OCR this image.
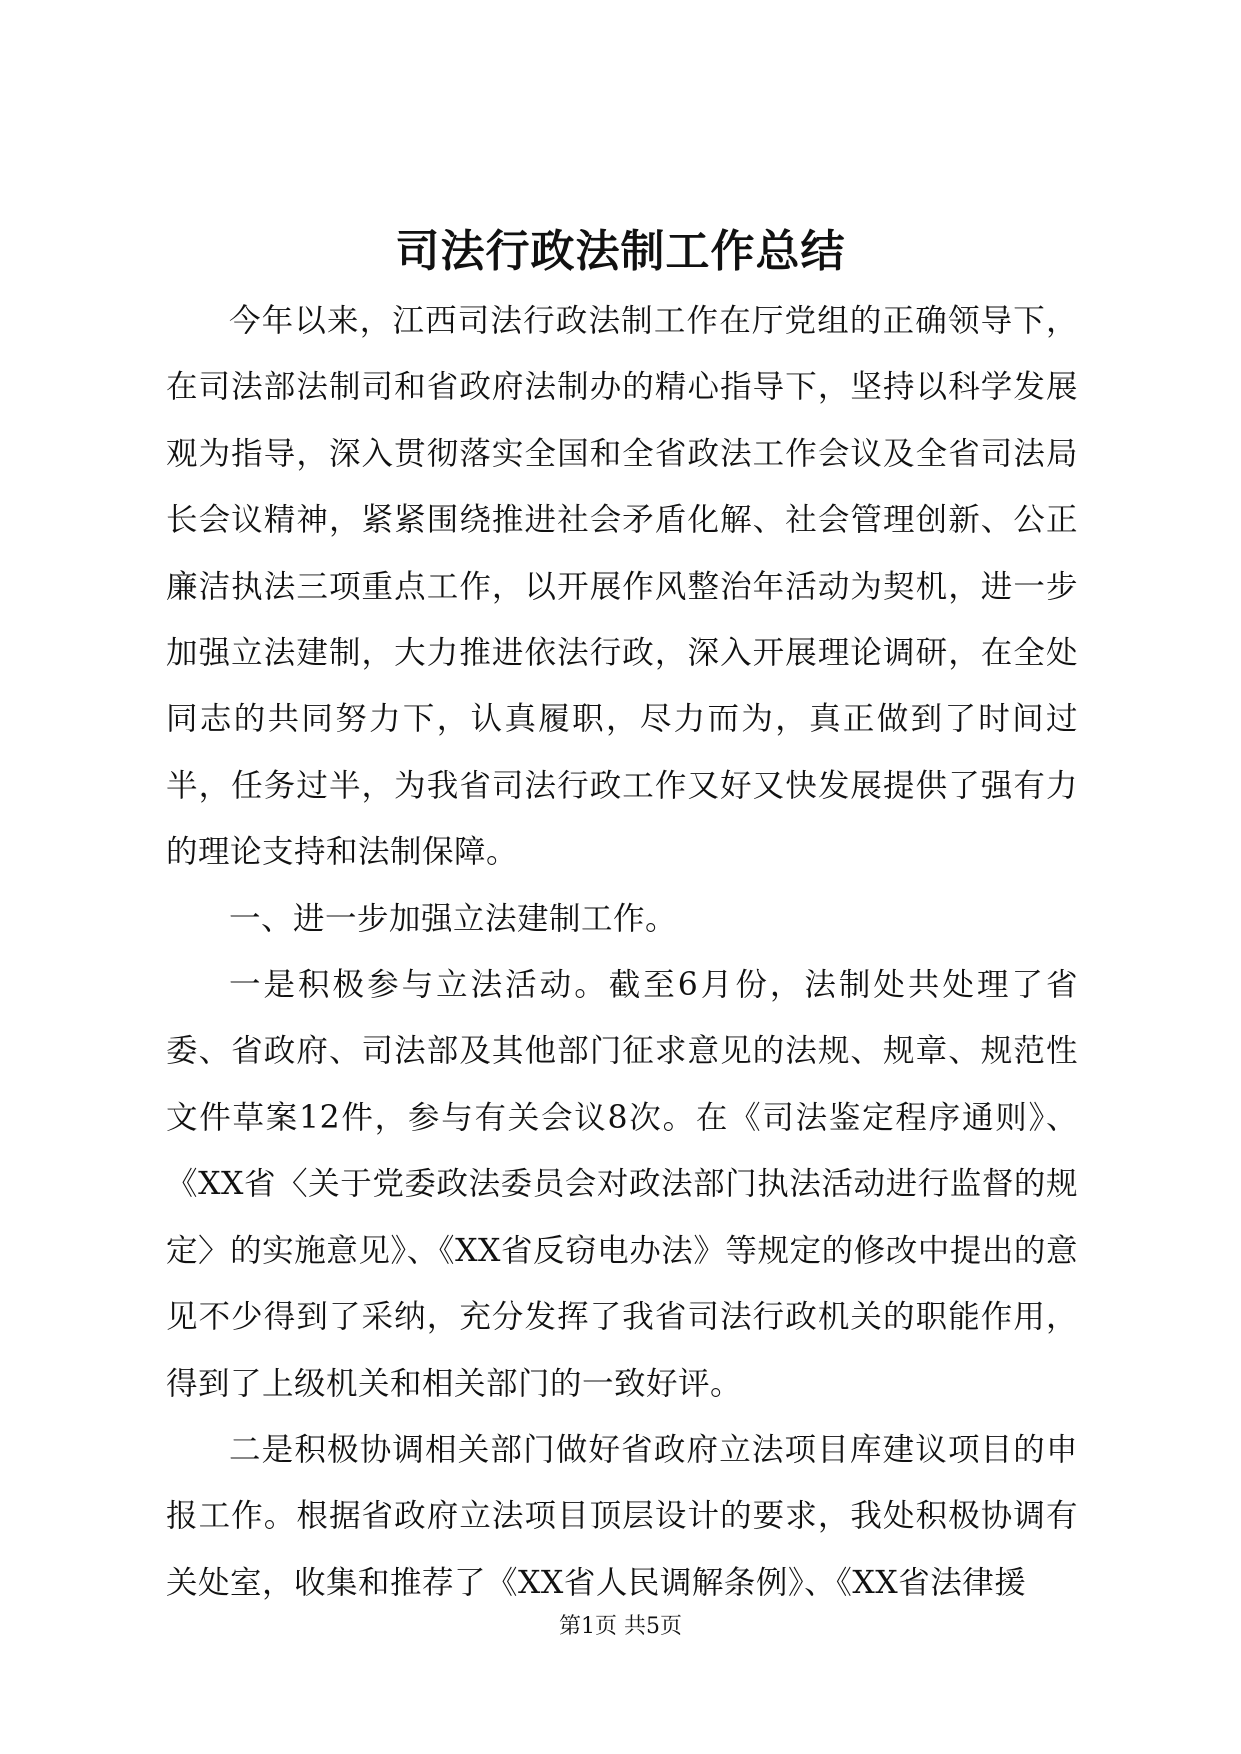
司法行政法制工作总结

今年以来，江西司法行政法制工作在厅党组的正确领导下，在司法部法制司和省政府法制办的精心指导下，坚持以科学发展观为指导，深入贯彻落实全国和全省政法工作会议及全省司法局长会议精神，紧紧围绕推进社会矛盾化解、社会管理创新、公正廉洁执法三项重点工作，以开展作风整治年活动为契机，进一步加强立法建制，大力推进依法行政，深入开展理论调研，在全处同志的共同努力下，认真履职，尽力而为，真正做到了时间过半，任务过半，为我省司法行政工作又好又快发展提供了强有力的理论支持和法制保障。

一、进一步加强立法建制工作。

一是积极参与立法活动。截至6月份，法制处共处理了省委、省政府、司法部及其他部门征求意见的法规、规章、规范性文件草案12件，参与有关会议8次。在《司法鉴定程序通则》、《XX省〈关于党委政法委员会对政法部门执法活动进行监督的规定〉的实施意见》、《XX省反窃电办法》等规定的修改中提出的意见不少得到了采纳，充分发挥了我省司法行政机关的职能作用，得到了上级机关和相关部门的一致好评。

二是积极协调相关部门做好省政府立法项目库建议项目的申报工作。根据省政府立法项目顶层设计的要求，我处积极协调有关处室，收集和推荐了《XX省人民调解条例》、《XX省法律援

第1页 共5页
